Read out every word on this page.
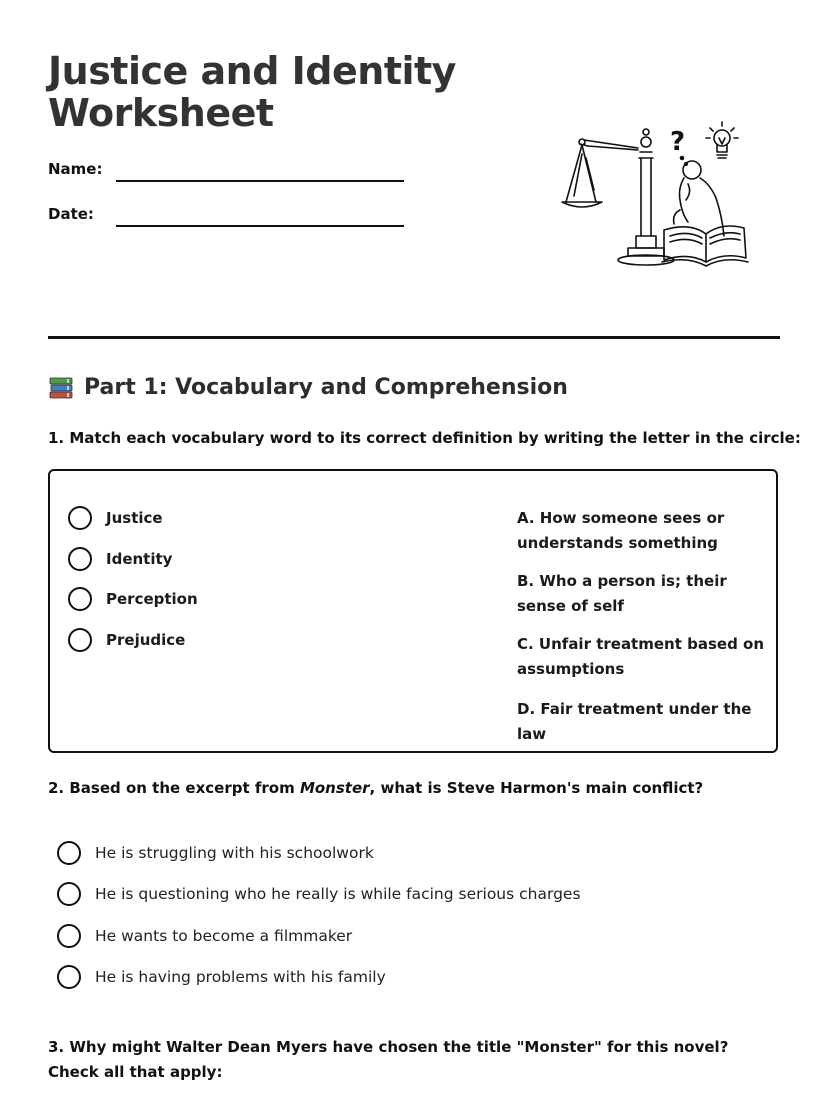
Justice and Identity
Worksheet
Name:
Date:
?
Part 1: Vocabulary and Comprehension
1. Match each vocabulary word to its correct definition by writing the letter in the circle:
Justice
Identity
Perception
Prejudice
A. How someone sees or understands something
B. Who a person is; their sense of self
C. Unfair treatment based on assumptions
D. Fair treatment under the law
2. Based on the excerpt from Monster, what is Steve Harmon's main conflict?
He is struggling with his schoolwork
He is questioning who he really is while facing serious charges
He wants to become a filmmaker
He is having problems with his family
3. Why might Walter Dean Myers have chosen the title "Monster" for this novel? Check all that apply:
